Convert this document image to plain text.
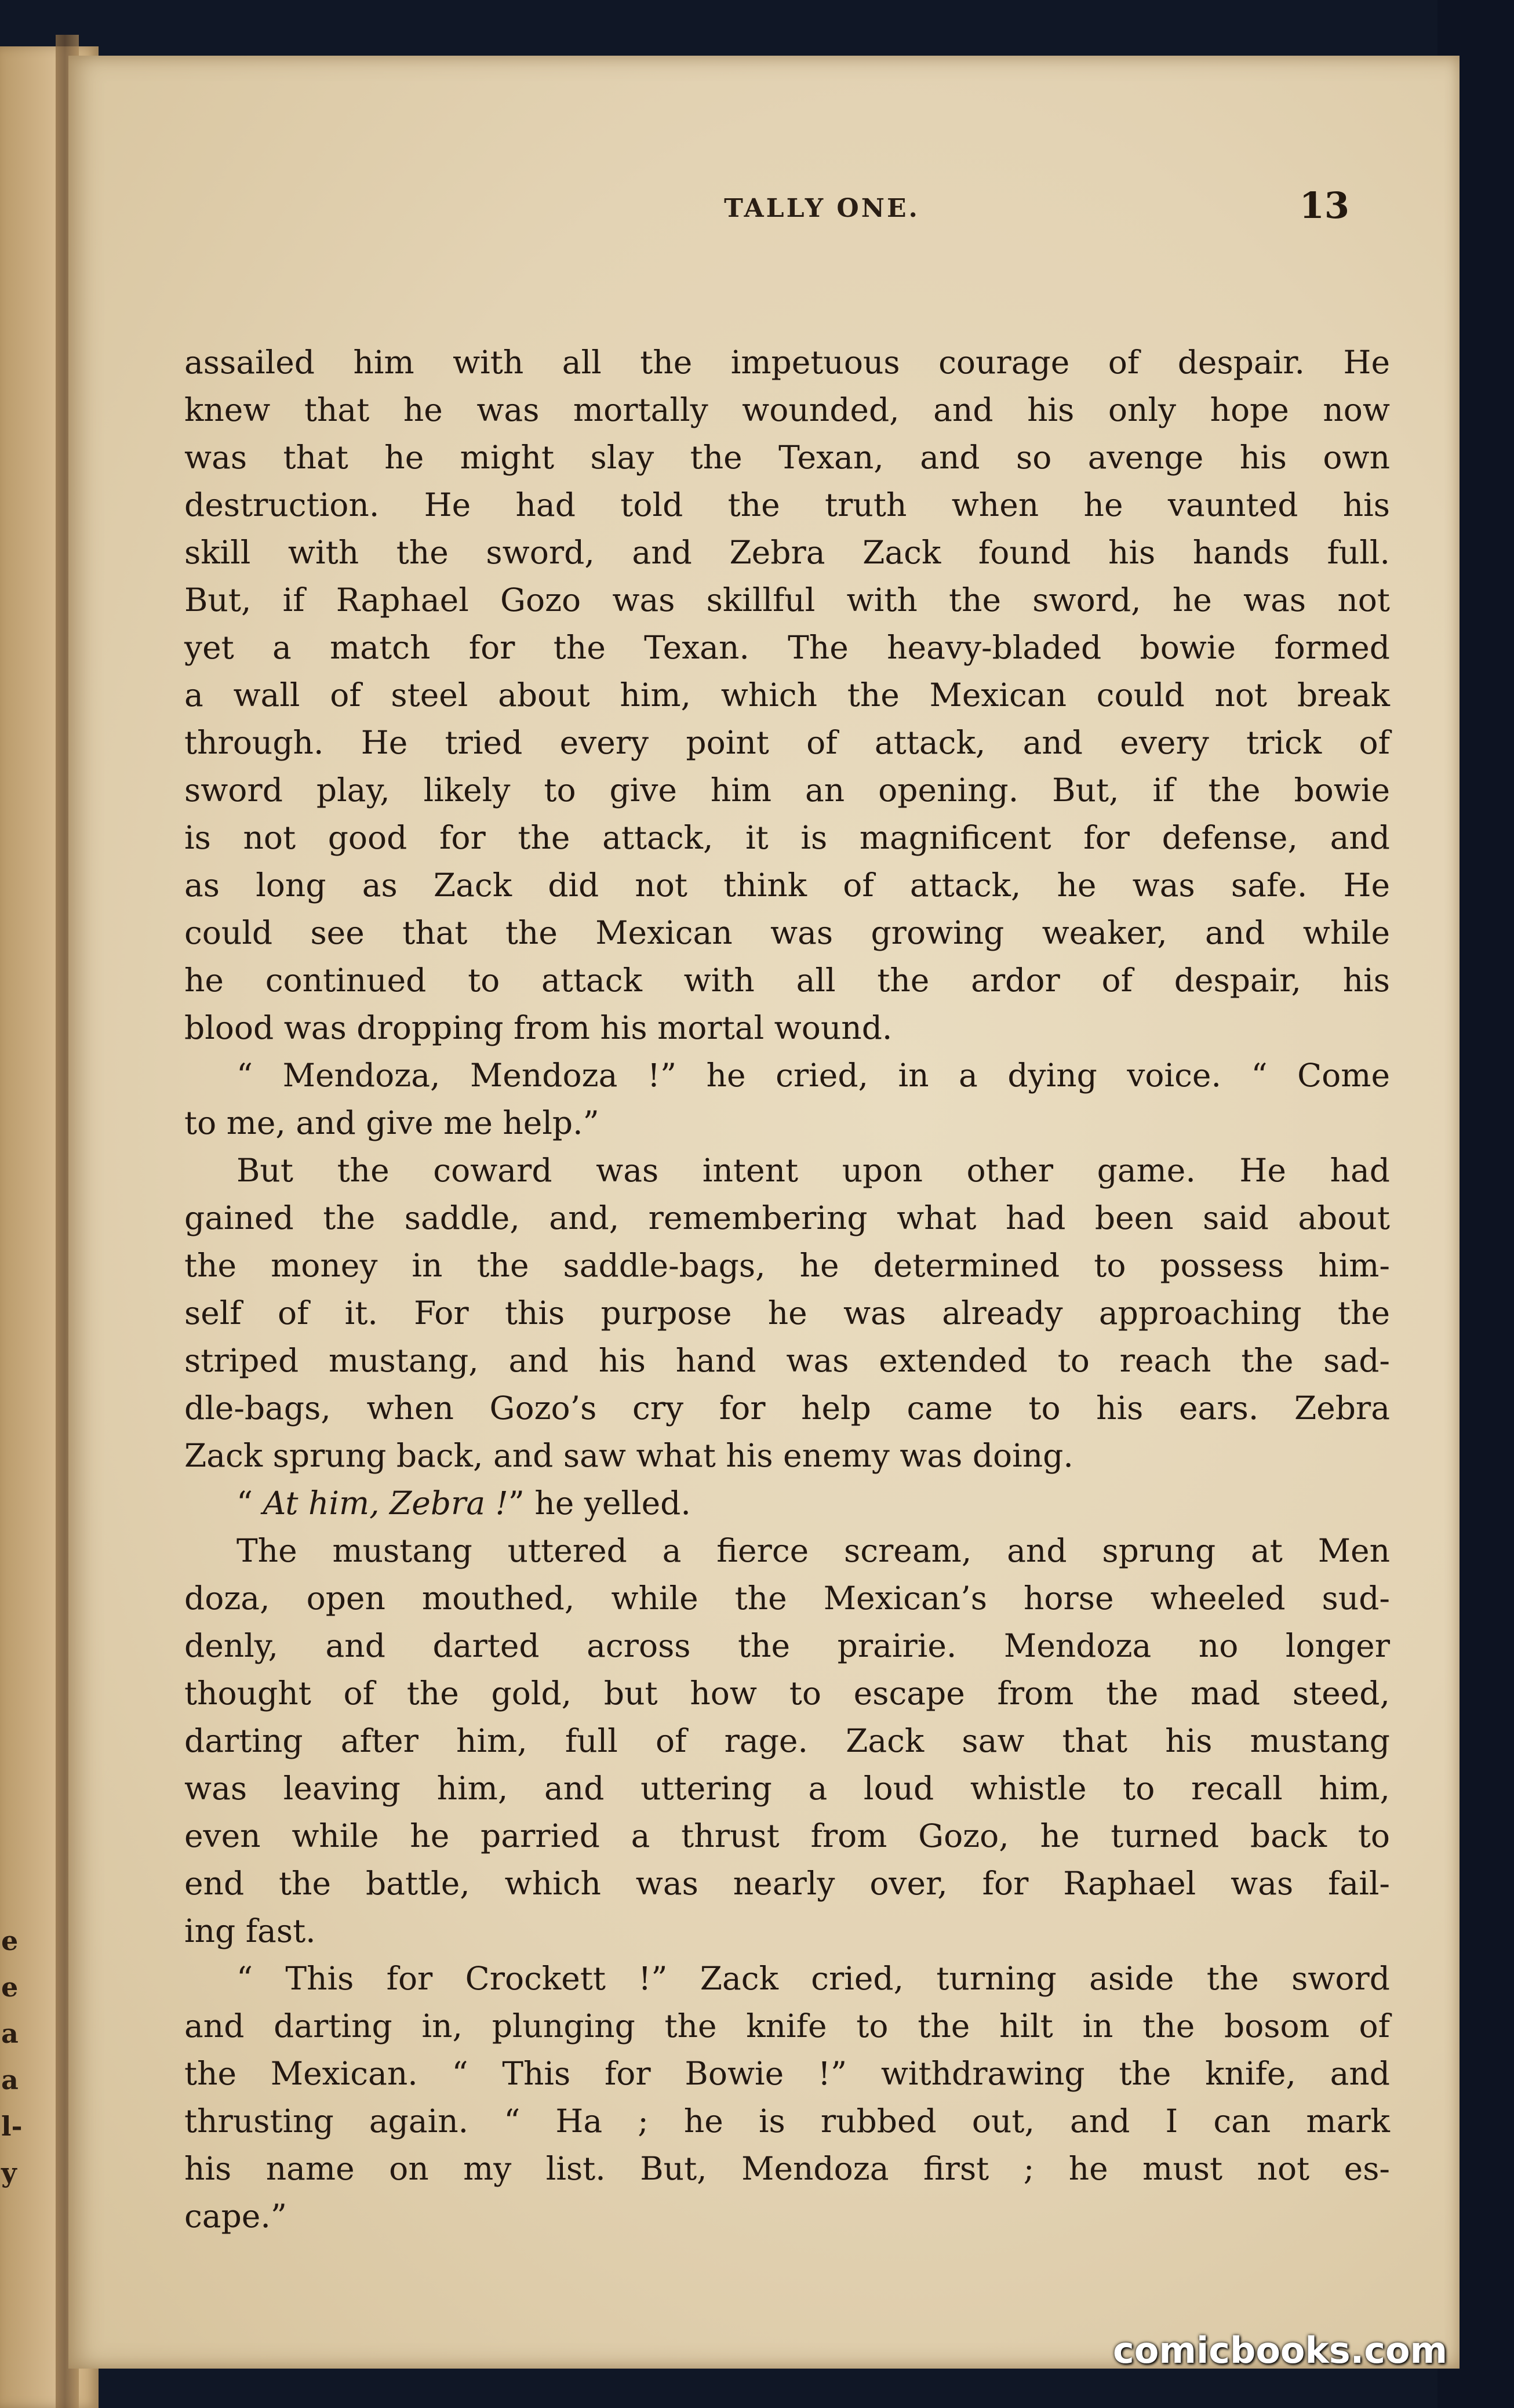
e
e
a
a
l-
y
TALLY ONE.	13
assailed him with all the impetuous courage of despair. He
knew that he was mortally wounded, and his only hope now
was that he might slay the Texan, and so avenge his own
destruction. He had told the truth when he vaunted his
skill with the sword, and Zebra Zack found his hands full.
But, if Raphael Gozo was skillful with the sword, he was not
yet a match for the Texan. The heavy-bladed bowie formed
a wall of steel about him, which the Mexican could not break
through. He tried every point of attack, and every trick of
sword play, likely to give him an opening. But, if the bowie
is not good for the attack, it is magnificent for defense, and
as long as Zack did not think of attack, he was safe. He
could see that the Mexican was growing weaker, and while
he continued to attack with all the ardor of despair, his
blood was dropping from his mortal wound.
“ Mendoza, Mendoza !” he cried, in a dying voice. “ Come
to me, and give me help.”
But the coward was intent upon other game. He had
gained the saddle, and, remembering what had been said about
the money in the saddle-bags, he determined to possess him-
self of it. For this purpose he was already approaching the
striped mustang, and his hand was extended to reach the sad-
dle-bags, when Gozo’s cry for help came to his ears. Zebra
Zack sprung back, and saw what his enemy was doing.
“ At him, Zebra !” he yelled.
The mustang uttered a fierce scream, and sprung at Men
doza, open mouthed, while the Mexican’s horse wheeled sud-
denly, and darted across the prairie. Mendoza no longer
thought of the gold, but how to escape from the mad steed,
darting after him, full of rage. Zack saw that his mustang
was leaving him, and uttering a loud whistle to recall him,
even while he parried a thrust from Gozo, he turned back to
end the battle, which was nearly over, for Raphael was fail-
ing fast.
“ This for Crockett !” Zack cried, turning aside the sword
and darting in, plunging the knife to the hilt in the bosom of
the Mexican. “ This for Bowie !” withdrawing the knife, and
thrusting again. “ Ha ; he is rubbed out, and I can mark
his name on my list. But, Mendoza first ; he must not es-
cape.”
comicbooks.com
